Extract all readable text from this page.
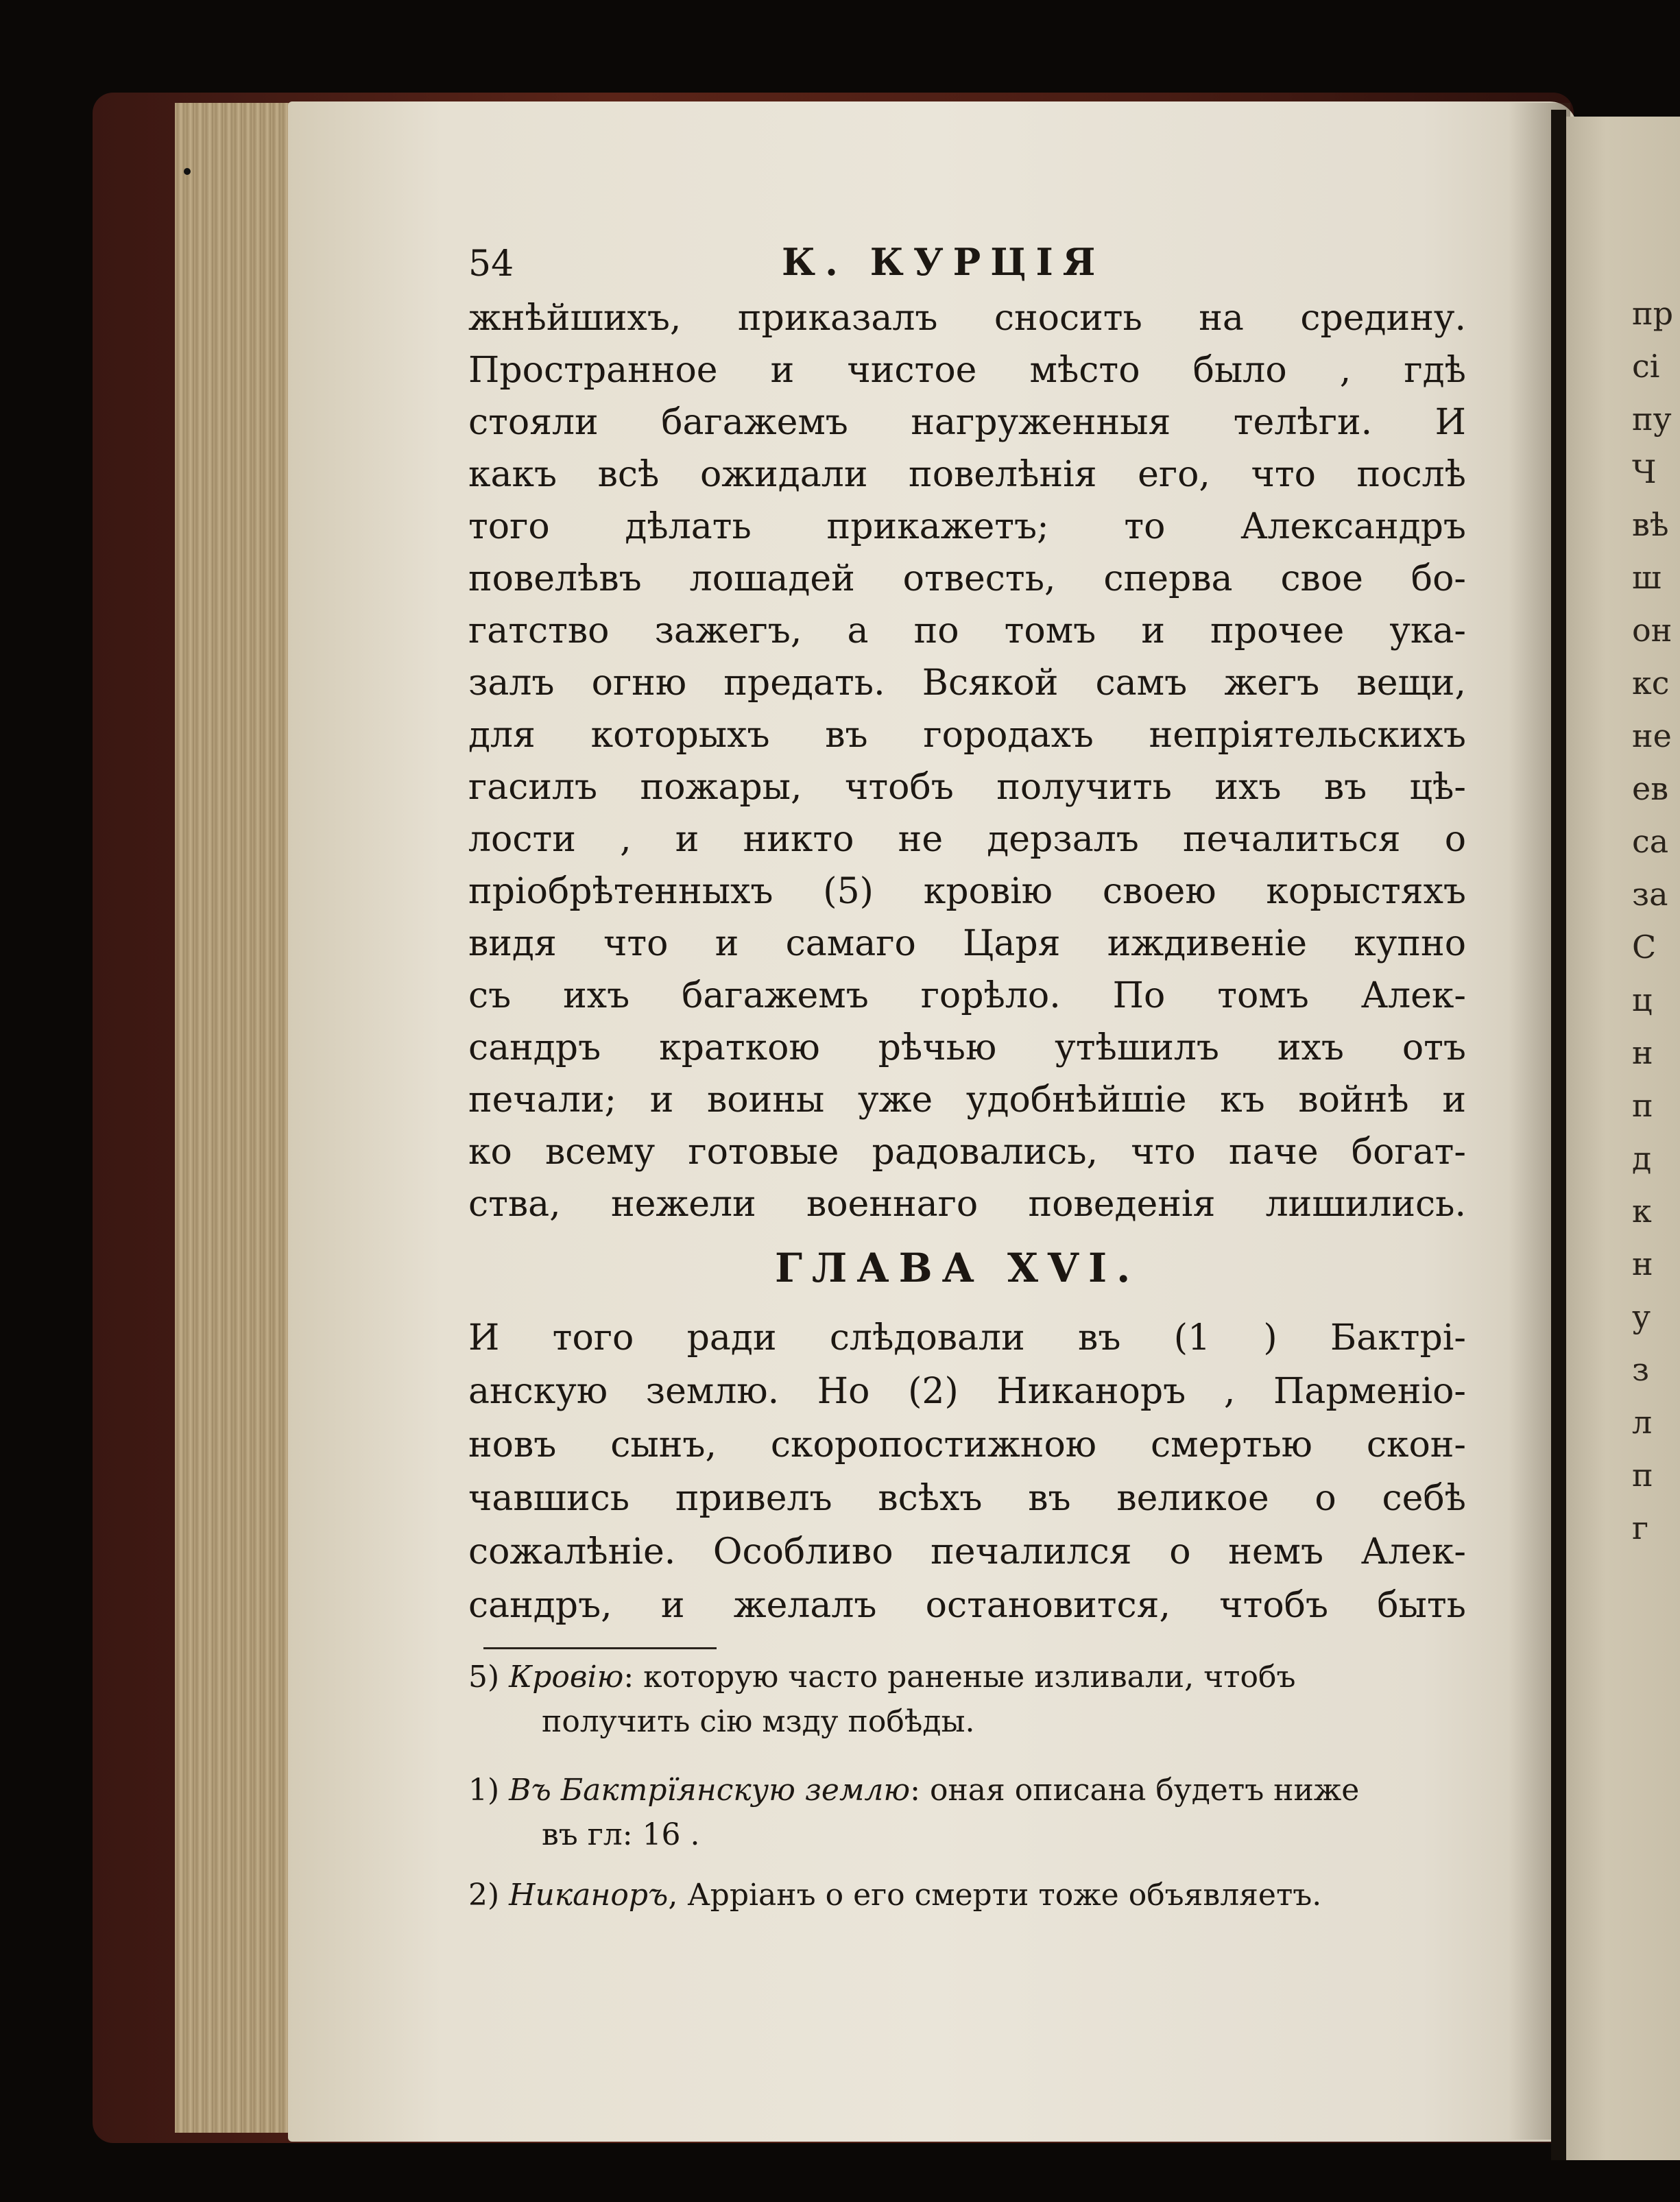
54	К. КУРЦІЯ
жнѣйшихъ, приказалъ сносить на средину.
Пространное и чистое мѣсто было , гдѣ
стояли багажемъ нагруженныя телѣги. И
какъ всѣ ожидали повелѣнія его, что послѣ
того дѣлать прикажетъ; то Александръ
повелѣвъ лошадей отвесть, сперва свое бо-
гатство зажегъ, а по томъ и прочее ука-
залъ огню предать. Всякой самъ жегъ вещи,
для которыхъ въ городахъ непріятельскихъ
гасилъ пожары, чтобъ получить ихъ въ цѣ-
лости , и никто не дерзалъ печалиться о
пріобрѣтенныхъ (5) кровію своею корыстяхъ
видя что и самаго Царя иждивеніе купно
съ ихъ багажемъ горѣло. По томъ Алек-
сандръ краткою рѣчью утѣшилъ ихъ отъ
печали; и воины уже удобнѣйшіе къ войнѣ и
ко всему готовые радовались, что паче богат-
ства, нежели военнаго поведенія лишились.
ГЛАВА XVI.
И того ради слѣдовали въ (1 ) Бактрі-
анскую землю. Но (2) Никаноръ , Парменіо-
новъ сынъ, скоропостижною смертью скон-
чавшись привелъ всѣхъ въ великое о себѣ
сожалѣніе. Особливо печалился о немъ Алек-
сандръ, и желалъ остановится, чтобъ быть
5) Кровію: которую часто раненые изливали, чтобъ
получить сію мзду побѣды.
1) Въ Бактрїянскую землю: оная описана будетъ ниже
въ гл: 16 .
2) Никаноръ, Арріанъ о его смерти тоже объявляетъ.
пр
сі
пу
Ч
вѣ
ш
он
кс
не
ев
са
за
С
ц
н
п
д
к
н
у
з
л
п
г
